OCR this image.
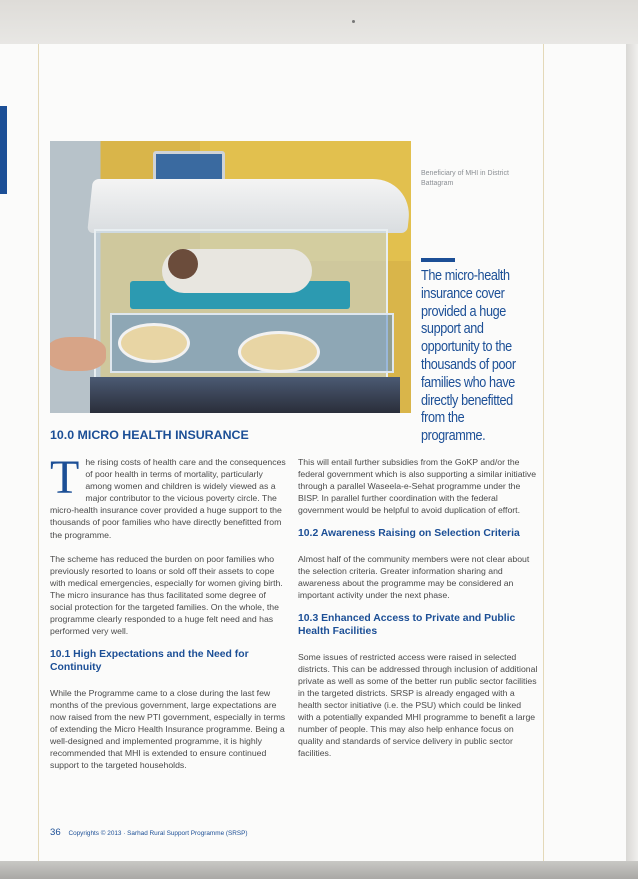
Beneficiary of MHI in District Battagram
The micro-health insurance cover provided a huge support and opportunity to the thousands of poor families who have directly benefitted from the programme.
10.0 MICRO HEALTH INSURANCE
T he rising costs of health care and the consequences of poor health in terms of mortality, particularly among women and children is widely viewed as a major contributor to the vicious poverty circle. The micro-health insurance cover provided a huge support to the thousands of poor families who have directly benefitted from the programme.

The scheme has reduced the burden on poor families who previously resorted to loans or sold off their assets to cope with medical emergencies, especially for women giving birth. The micro insurance has thus facilitated some degree of social protection for the targeted families. On the whole, the programme clearly responded to a huge felt need and has performed very well.

10.1 High Expectations and the Need for Continuity

While the Programme came to a close during the last few months of the previous government, large expectations are now raised from the new PTI government, especially in terms of extending the Micro Health Insurance programme. Being a well-designed and implemented programme, it is highly recommended that MHI is extended to ensure continued support to the targeted households.

This will entail further subsidies from the GoKP and/or the federal government which is also supporting a similar initiative through a parallel Waseela-e-Sehat programme under the BISP. In parallel further coordination with the federal government would be helpful to avoid duplication of effort.

10.2 Awareness Raising on Selection Criteria

Almost half of the community members were not clear about the selection criteria. Greater information sharing and awareness about the programme may be considered an important activity under the next phase.

10.3 Enhanced Access to Private and Public Health Facilities

Some issues of restricted access were raised in selected districts. This can be addressed through inclusion of additional private as well as some of the better run public sector facilities in the targeted districts. SRSP is already engaged with a health sector initiative (i.e. the PSU) which could be linked with a potentially expanded MHI programme to benefit a large number of people. This may also help enhance focus on quality and standards of service delivery in public sector facilities.

36 Copyrights © 2013 · Sarhad Rural Support Programme (SRSP)
